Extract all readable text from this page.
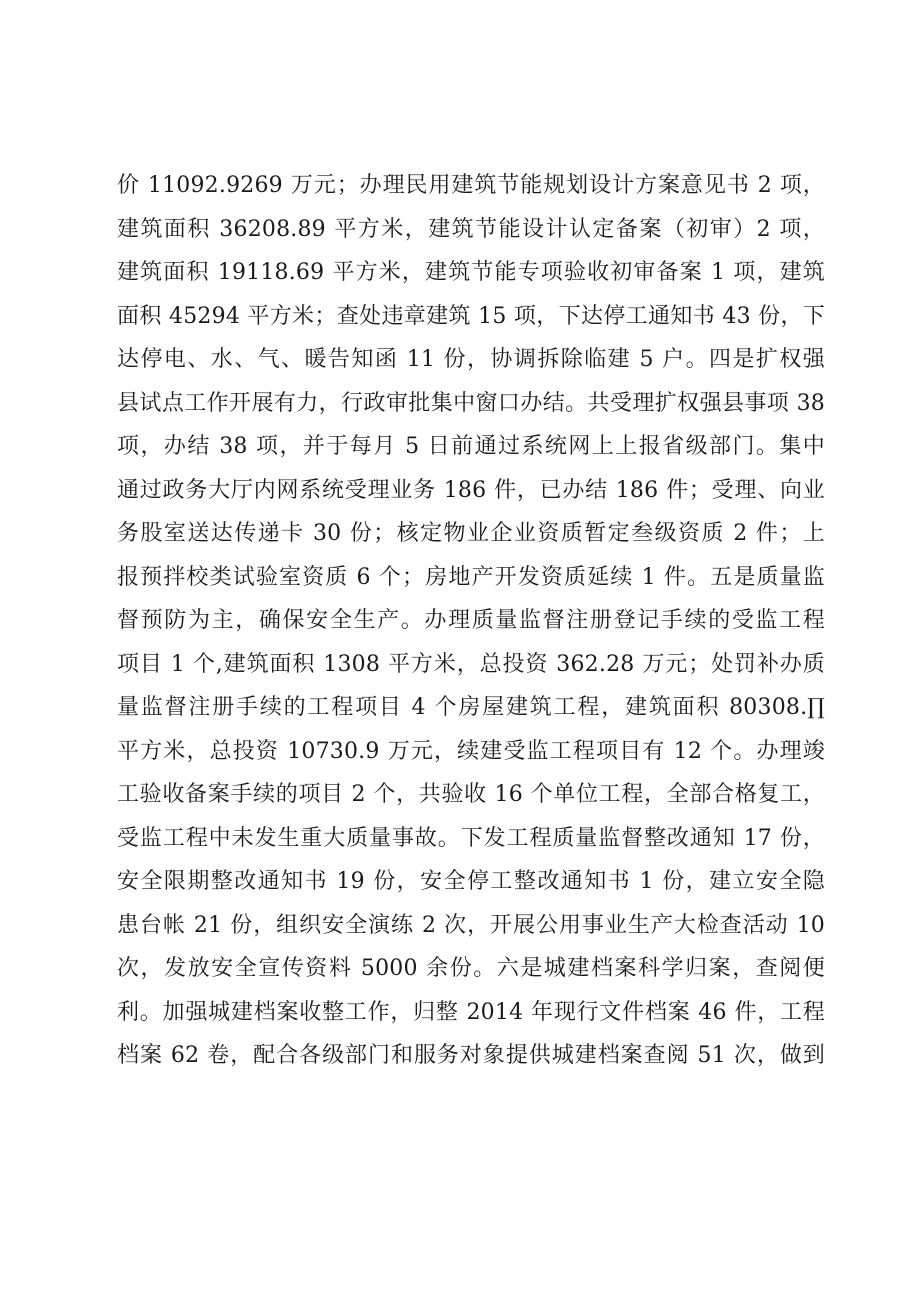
价 11092.9269 万元；办理民用建筑节能规划设计方案意见书 2 项，
建筑面积 36208.89 平方米，建筑节能设计认定备案（初审）2 项，
建筑面积 19118.69 平方米，建筑节能专项验收初审备案 1 项，建筑
面积 45294 平方米；查处违章建筑 15 项，下达停工通知书 43 份，下
达停电、水、气、暖告知函 11 份，协调拆除临建 5 户。四是扩权强
县试点工作开展有力，行政审批集中窗口办结。共受理扩权强县事项 38
项，办结 38 项，并于每月 5 日前通过系统网上上报省级部门。集中
通过政务大厅内网系统受理业务 186 件，已办结 186 件；受理、向业
务股室送达传递卡 30 份；核定物业企业资质暂定叁级资质 2 件；上
报预拌校类试验室资质 6 个；房地产开发资质延续 1 件。五是质量监
督预防为主，确保安全生产。办理质量监督注册登记手续的受监工程
项目 1 个,建筑面积 1308 平方米，总投资 362.28 万元；处罚补办质
量监督注册手续的工程项目 4 个房屋建筑工程，建筑面积 80308.∏
平方米，总投资 10730.9 万元，续建受监工程项目有 12 个。办理竣
工验收备案手续的项目 2 个，共验收 16 个单位工程，全部合格复工，
受监工程中未发生重大质量事故。下发工程质量监督整改通知 17 份，
安全限期整改通知书 19 份，安全停工整改通知书 1 份，建立安全隐
患台帐 21 份，组织安全演练 2 次，开展公用事业生产大检查活动 10
次，发放安全宣传资料 5000 余份。六是城建档案科学归案，查阅便
利。加强城建档案收整工作，归整 2014 年现行文件档案 46 件，工程
档案 62 卷，配合各级部门和服务对象提供城建档案查阅 51 次，做到
